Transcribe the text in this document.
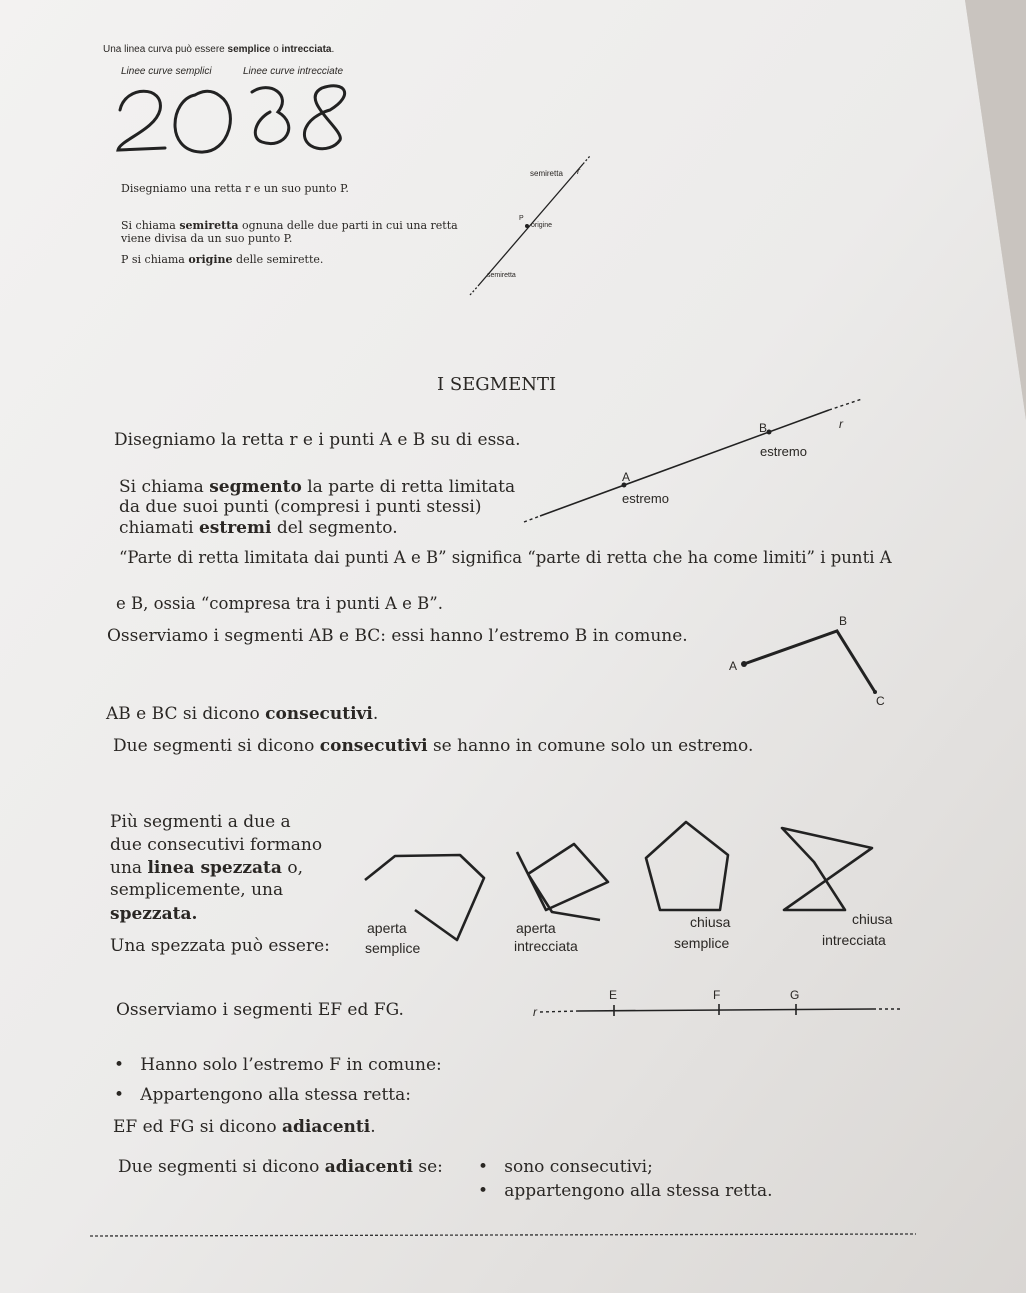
Una linea curva può essere semplice o intrecciata.
Linee curve semplici	Linee curve intrecciate
Disegniamo una retta r e un suo punto P.
Si chiama semiretta ognuna delle due parti in cui una retta
viene divisa da un suo punto P.
P si chiama origine delle semirette.
semiretta r
P
origine
semiretta
I SEGMENTI
Disegniamo la retta r e i punti A e B su di essa.
Si chiama segmento la parte di retta limitata
da due suoi punti (compresi i punti stessi)
chiamati estremi del segmento.
B	r
estremo
A
estremo
“Parte di retta limitata dai punti A e B” significa “parte di retta che ha come limiti” i punti A
e B, ossia “compresa tra i punti A e B”.
Osserviamo i segmenti AB e BC: essi hanno l’estremo B in comune.
AB e BC si dicono consecutivi.
Due segmenti si dicono consecutivi se hanno in comune solo un estremo.
A
B
C
Più segmenti a due a
due consecutivi formano
una linea spezzata o,
semplicemente, una
spezzata.
Una spezzata può essere:
aperta
semplice
aperta
intrecciata
chiusa
semplice
chiusa
intrecciata
Osserviamo i segmenti EF ed FG.	r
E	F	G
•   Hanno solo l’estremo F in comune:
•   Appartengono alla stessa retta:
EF ed FG si dicono adiacenti.
Due segmenti si dicono adiacenti se: •   sono consecutivi;
•   appartengono alla stessa retta.
